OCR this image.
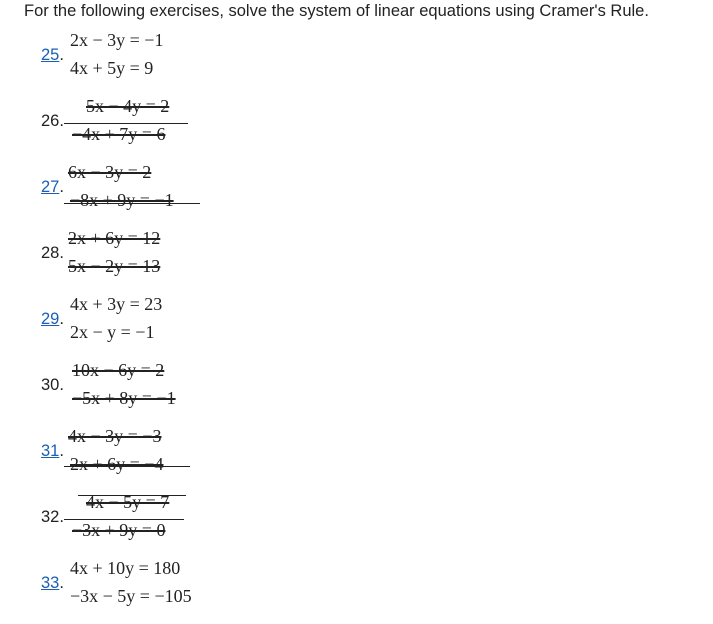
For the following exercises, solve the system of linear equations using Cramer's Rule.
25.
2x − 3y = −1
4x + 5y = 9
26.
5x − 4y = 2
−4x + 7y = 6
27.
6x − 3y = 2
−8x + 9y = −1
28.
2x + 6y = 12
5x − 2y = 13
29.
4x + 3y = 23
2x − y = −1
30.
10x − 6y = 2
−5x + 8y = −1
31.
4x − 3y = −3
2x + 6y = −4
32.
4x − 5y = 7
−3x + 9y = 0
33.
4x + 10y = 180
−3x − 5y = −105
